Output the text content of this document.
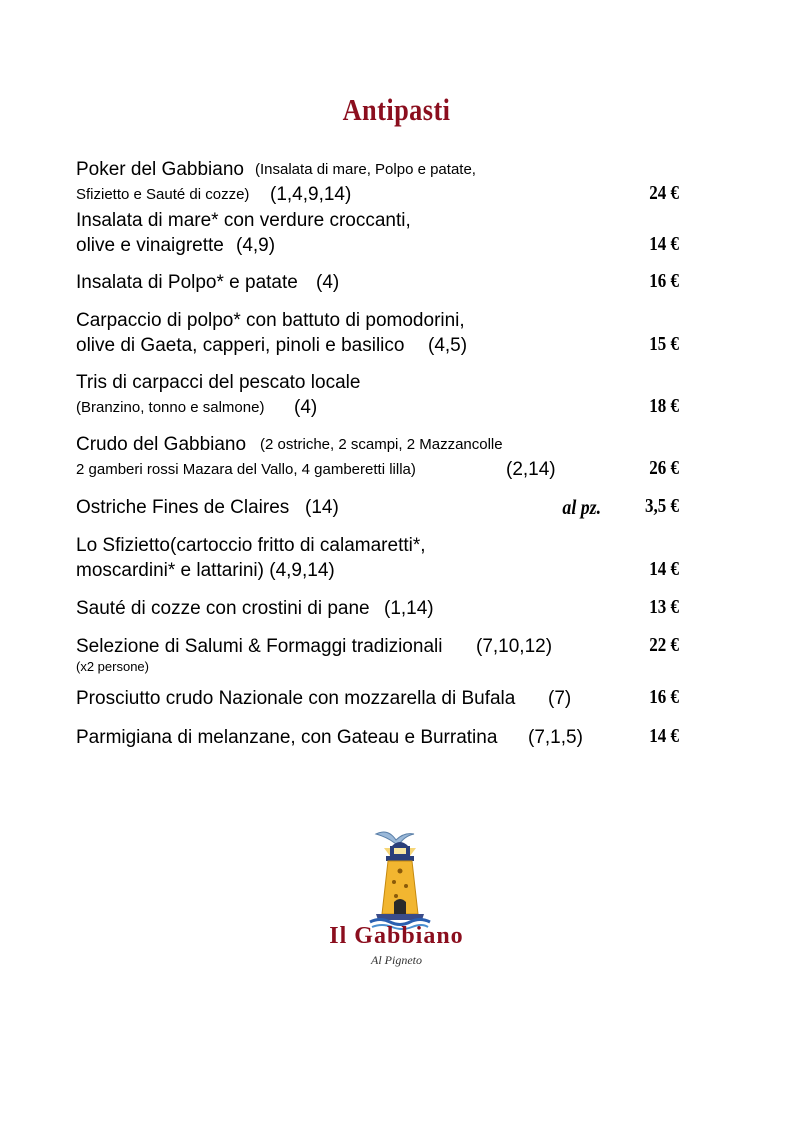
Antipasti
Poker del Gabbiano (Insalata di mare, Polpo e patate,
Sfizietto e Sauté di cozze) (1,4,9,14)	24 €
Insalata di mare* con verdure croccanti,
olive e vinaigrette (4,9)	14 €
Insalata di Polpo* e patate (4)	16 €
Carpaccio di polpo* con battuto di pomodorini,
olive di Gaeta, capperi, pinoli e basilico (4,5)	15 €
Tris di carpacci del pescato locale
(Branzino, tonno e salmone) (4)	18 €
Crudo del Gabbiano (2 ostriche, 2 scampi, 2 Mazzancolle
2 gamberi rossi Mazara del Vallo, 4 gamberetti lilla)	(2,14)	26 €
Ostriche Fines de Claires (14)	al pz. 3,5 €
Lo Sfizietto(cartoccio fritto di calamaretti*,
moscardini* e lattarini) (4,9,14)	14 €
Sauté di cozze con crostini di pane (1,14)	13 €
Selezione di Salumi & Formaggi tradizionali (7,10,12)
(x2 persone)
22 €
Prosciutto crudo Nazionale con mozzarella di Bufala (7)	16 €
Parmigiana di melanzane, con Gateau e Burratina (7,1,5)	14 €
Il Gabbiano
Al Pigneto
